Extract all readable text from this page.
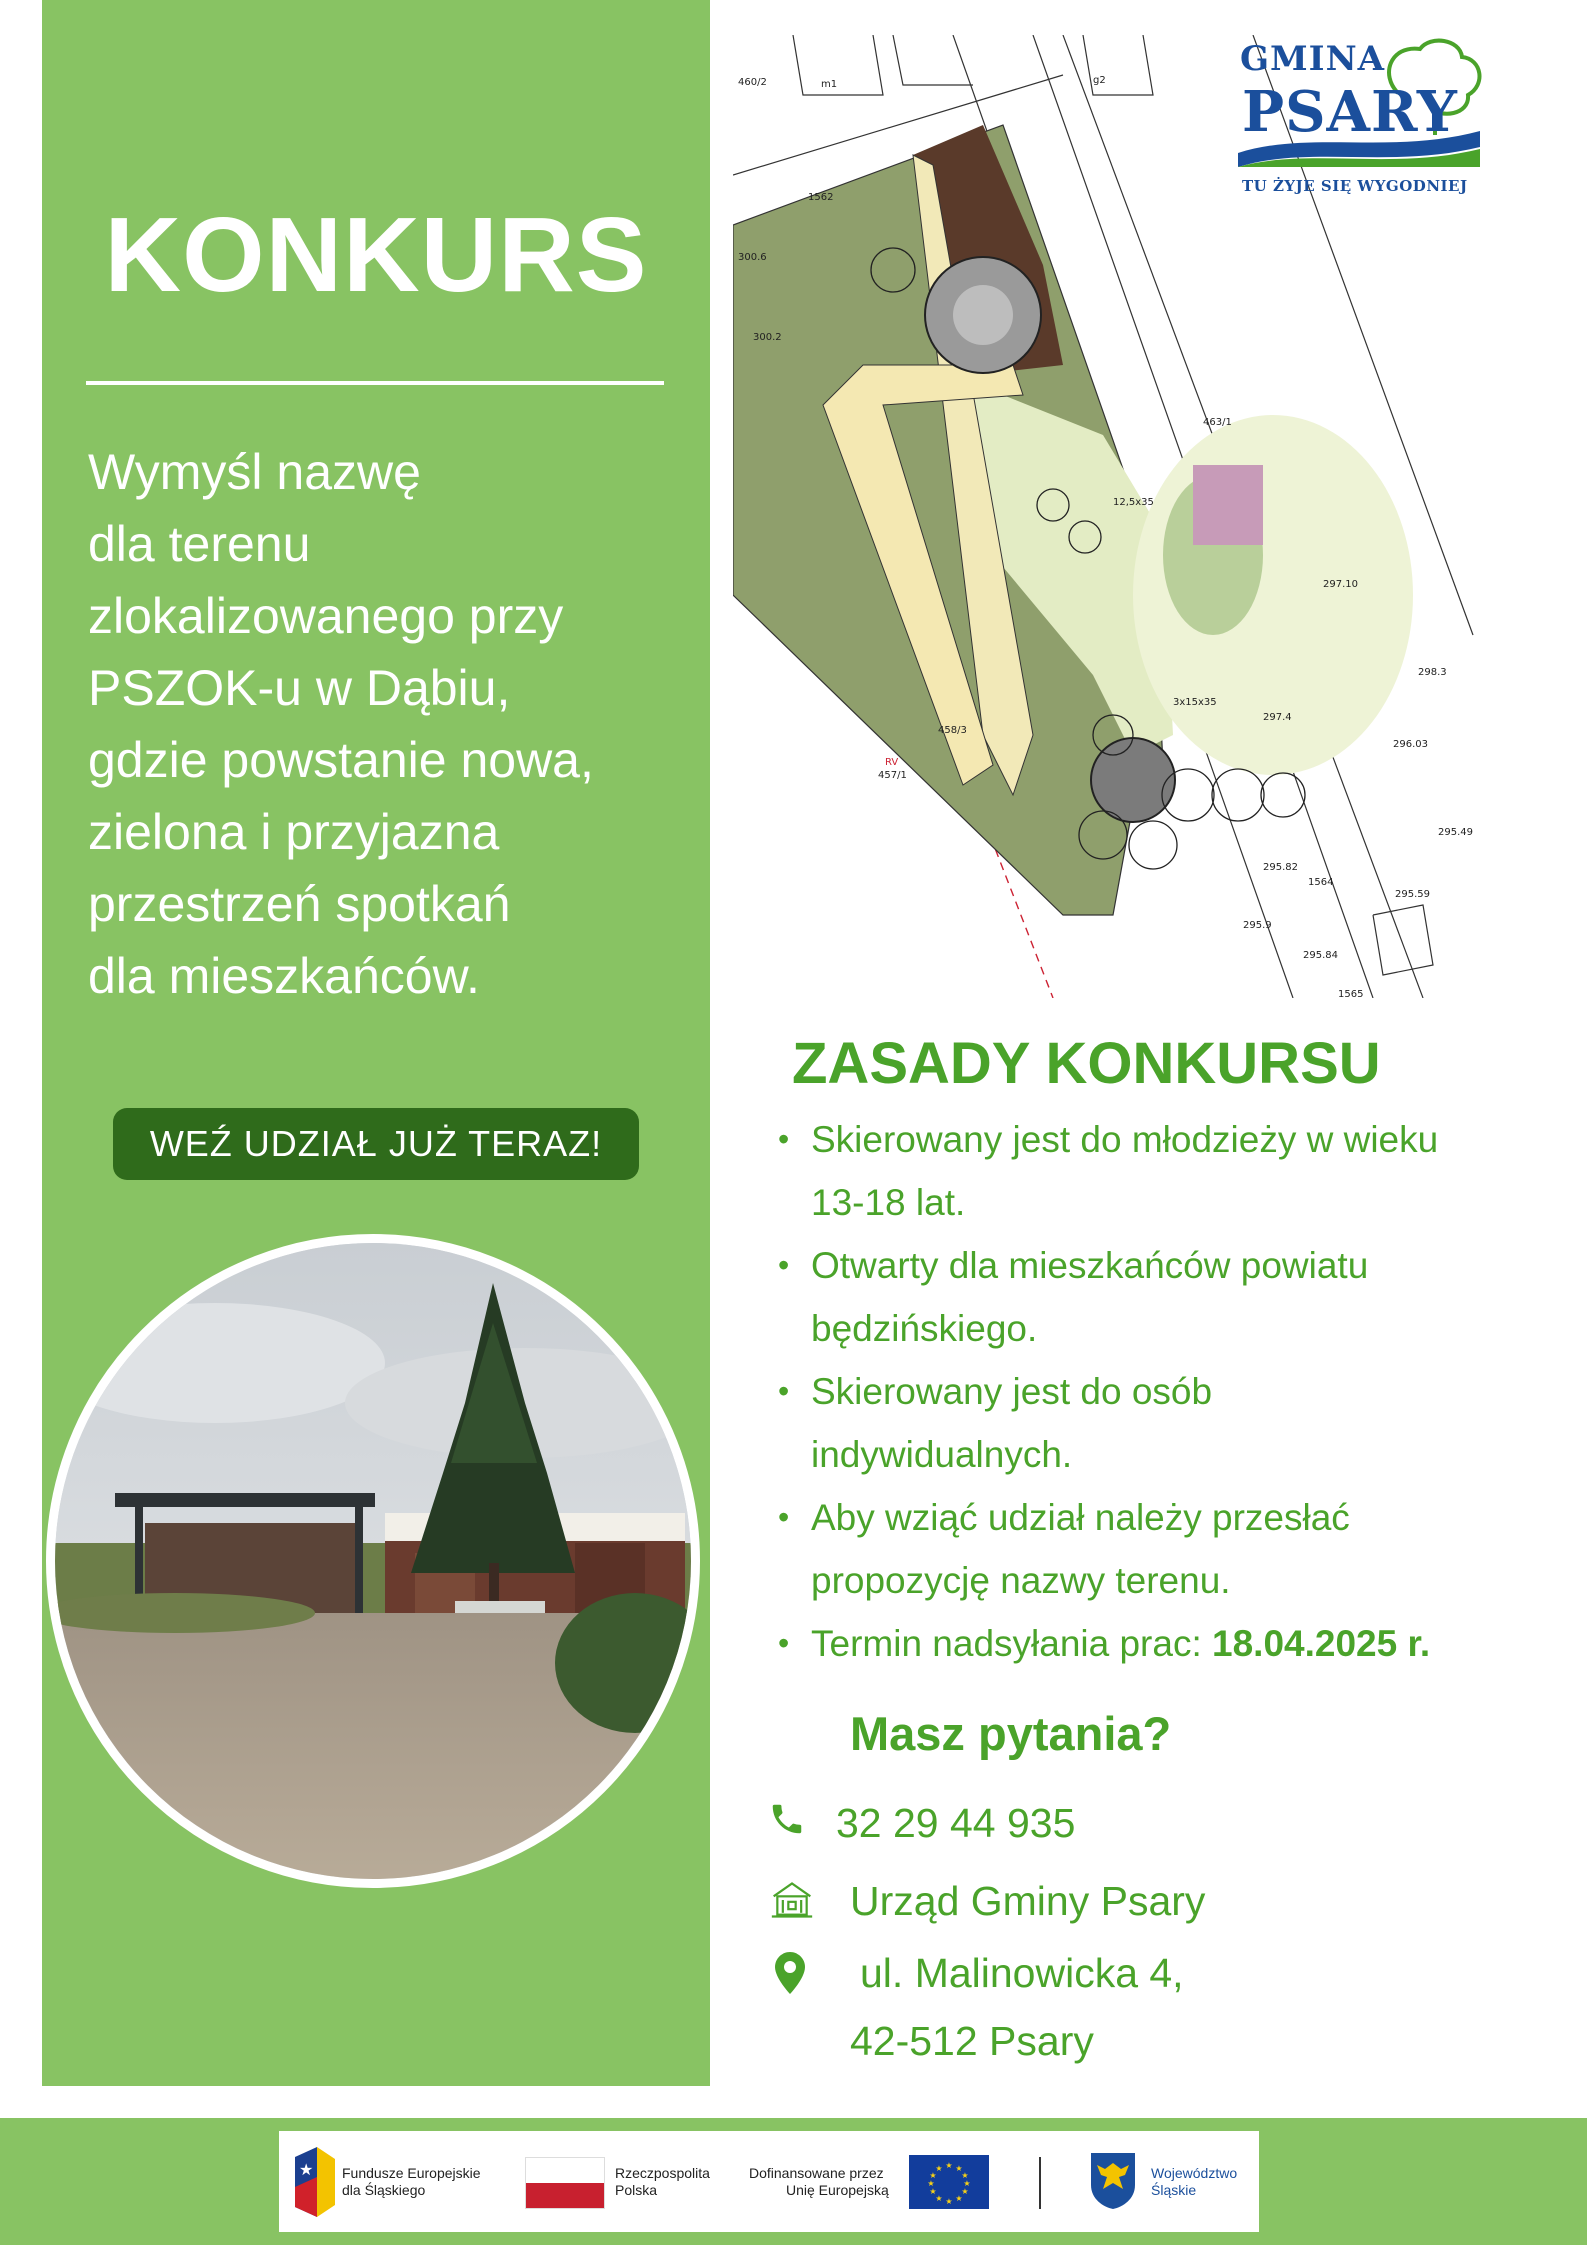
KONKURS
Wymyśl nazwę
dla terenu
zlokalizowanego przy
PSZOK-u w Dąbiu,
gdzie powstanie nowa,
zielona i przyjazna
przestrzeń spotkań
dla mieszkańców.
WEŹ UDZIAŁ JUŻ TERAZ!
460/2
1562
300.6
300.2
463/1
458/3
RV
457/1
1564
1565
295.9
295.84
12,5x35
3x15x35
297.4
m1	g2
296.03
295.82
297.10
298.3
295.59
295.49
GMINA
PSARY
TU ŻYJE SIĘ WYGODNIEJ
ZASADY KONKURSU
• Skierowany jest do młodzieży w wieku
13-18 lat.
• Otwarty dla mieszkańców powiatu
będzińskiego.
• Skierowany jest do osób
indywidualnych.
• Aby wziąć udział należy przesłać
propozycję nazwy terenu.
• Termin nadsyłania prac: 18.04.2025 r.
Masz pytania?
32 29 44 935
Urząd Gminy Psary
ul. Malinowicka 4,
42-512 Psary
★ Fundusze Europejskie
dla Śląskiego
Rzeczpospolita
Polska
Dofinansowane przez
Unię Europejską
★ ★
★
★
★
★
★
★
★
★
★
★	Województwo
Śląskie
